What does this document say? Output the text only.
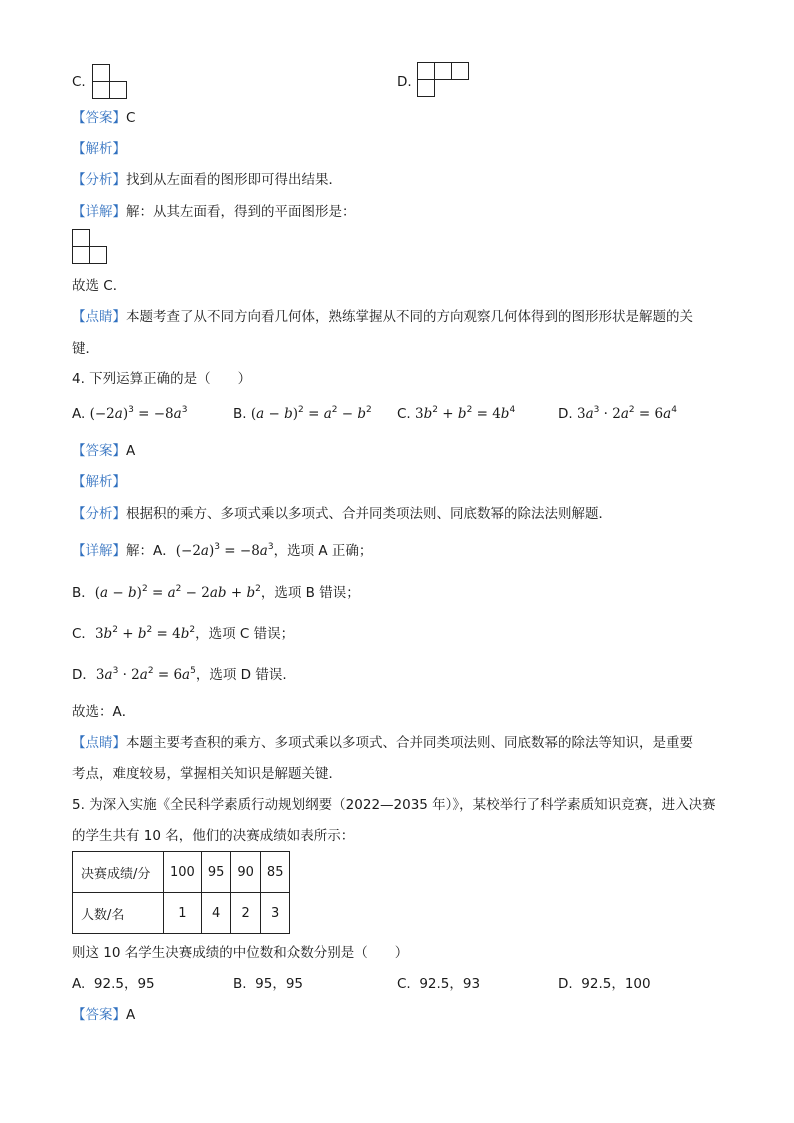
C.	D.
【答案】C
【解析】
【分析】找到从左面看的图形即可得出结果．
【详解】解：从其左面看，得到的平面图形是：
故选 C．
【点睛】本题考查了从不同方向看几何体，熟练掌握从不同的方向观察几何体得到的图形形状是解题的关
键．
4. 下列运算正确的是（　　）
A. $(-2a)^3 = -8a^3$	B. $(a - b)^2 = a^2 - b^2$ C. $3b^2 + b^2 = 4b^4$	D. $3a^3 \cdot 2a^2 = 6a^4$
【答案】A
【解析】
【分析】根据积的乘方、多项式乘以多项式、合并同类项法则、同底数幂的除法法则解题．
【详解】解：A．$(-2a)^3 = -8a^3$，选项 A 正确；
B．$(a - b)^2 = a^2 - 2ab + b^2$，选项 B 错误；
C．$3b^2 + b^2 = 4b^2$，选项 C 错误；
D．$3a^3 \cdot 2a^2 = 6a^5$，选项 D 错误.
故选：A．
【点睛】本题主要考查积的乘方、多项式乘以多项式、合并同类项法则、同底数幂的除法等知识，是重要
考点，难度较易，掌握相关知识是解题关键．
5. 为深入实施《全民科学素质行动规划纲要（2022—2035 年）》，某校举行了科学素质知识竞赛，进入决赛
的学生共有 10 名，他们的决赛成绩如表所示：
决赛成绩/分	100	95	90	85
人数/名	1	4	2	3
则这 10 名学生决赛成绩的中位数和众数分别是（　　）
A. 92.5，95	B. 95，95	C. 92.5，93	D. 92.5，100
【答案】A
